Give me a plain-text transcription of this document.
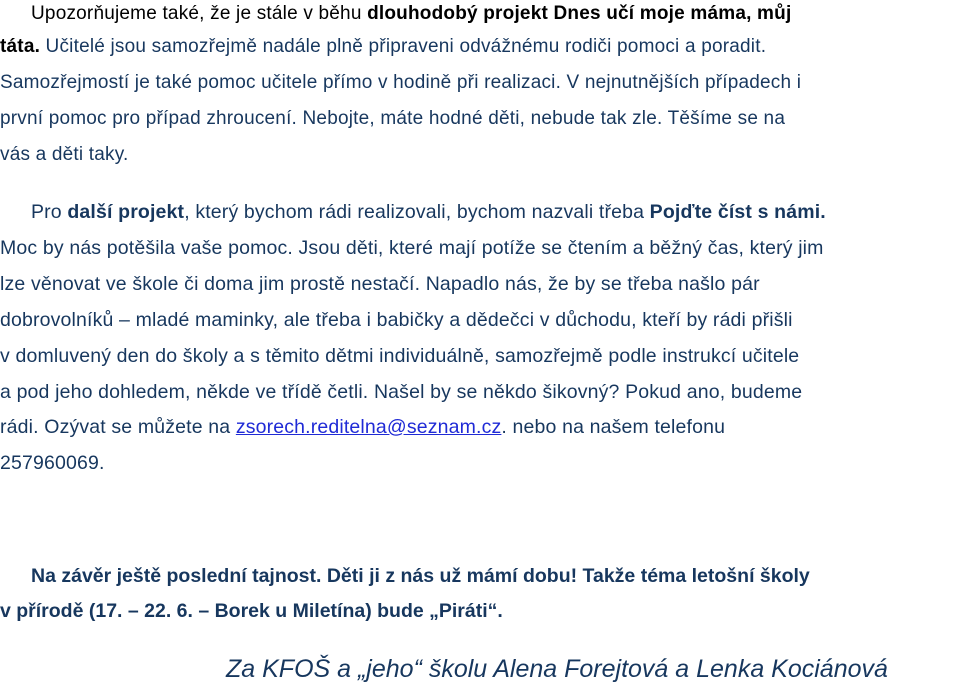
Upozorňujeme také, že je stále v běhu dlouhodobý projekt Dnes učí moje máma, můj
táta. Učitelé jsou samozřejmě nadále plně připraveni odvážnému rodiči pomoci a poradit.
Samozřejmostí je také pomoc učitele přímo v hodině při realizaci. V nejnutnějších případech i
první pomoc pro případ zhroucení. Nebojte, máte hodné děti, nebude tak zle. Těšíme se na
vás a děti taky.
Pro další projekt, který bychom rádi realizovali, bychom nazvali třeba Pojďte číst s námi.
Moc by nás potěšila vaše pomoc. Jsou děti, které mají potíže se čtením a běžný čas, který jim
lze věnovat ve škole či doma jim prostě nestačí. Napadlo nás, že by se třeba našlo pár
dobrovolníků – mladé maminky, ale třeba i babičky a dědečci v důchodu, kteří by rádi přišli
v domluvený den do školy a s těmito dětmi individuálně, samozřejmě podle instrukcí učitele
a pod jeho dohledem, někde ve třídě četli. Našel by se někdo šikovný? Pokud ano, budeme
rádi. Ozývat se můžete na zsorech.reditelna@seznam.cz. nebo na našem telefonu
257960069.
Na závěr ještě poslední tajnost. Děti ji z nás už mámí dobu! Takže téma letošní školy
v přírodě (17. – 22. 6. – Borek u Miletína) bude „Piráti“.
Za KFOŠ a „jeho“ školu Alena Forejtová a Lenka Kociánová
